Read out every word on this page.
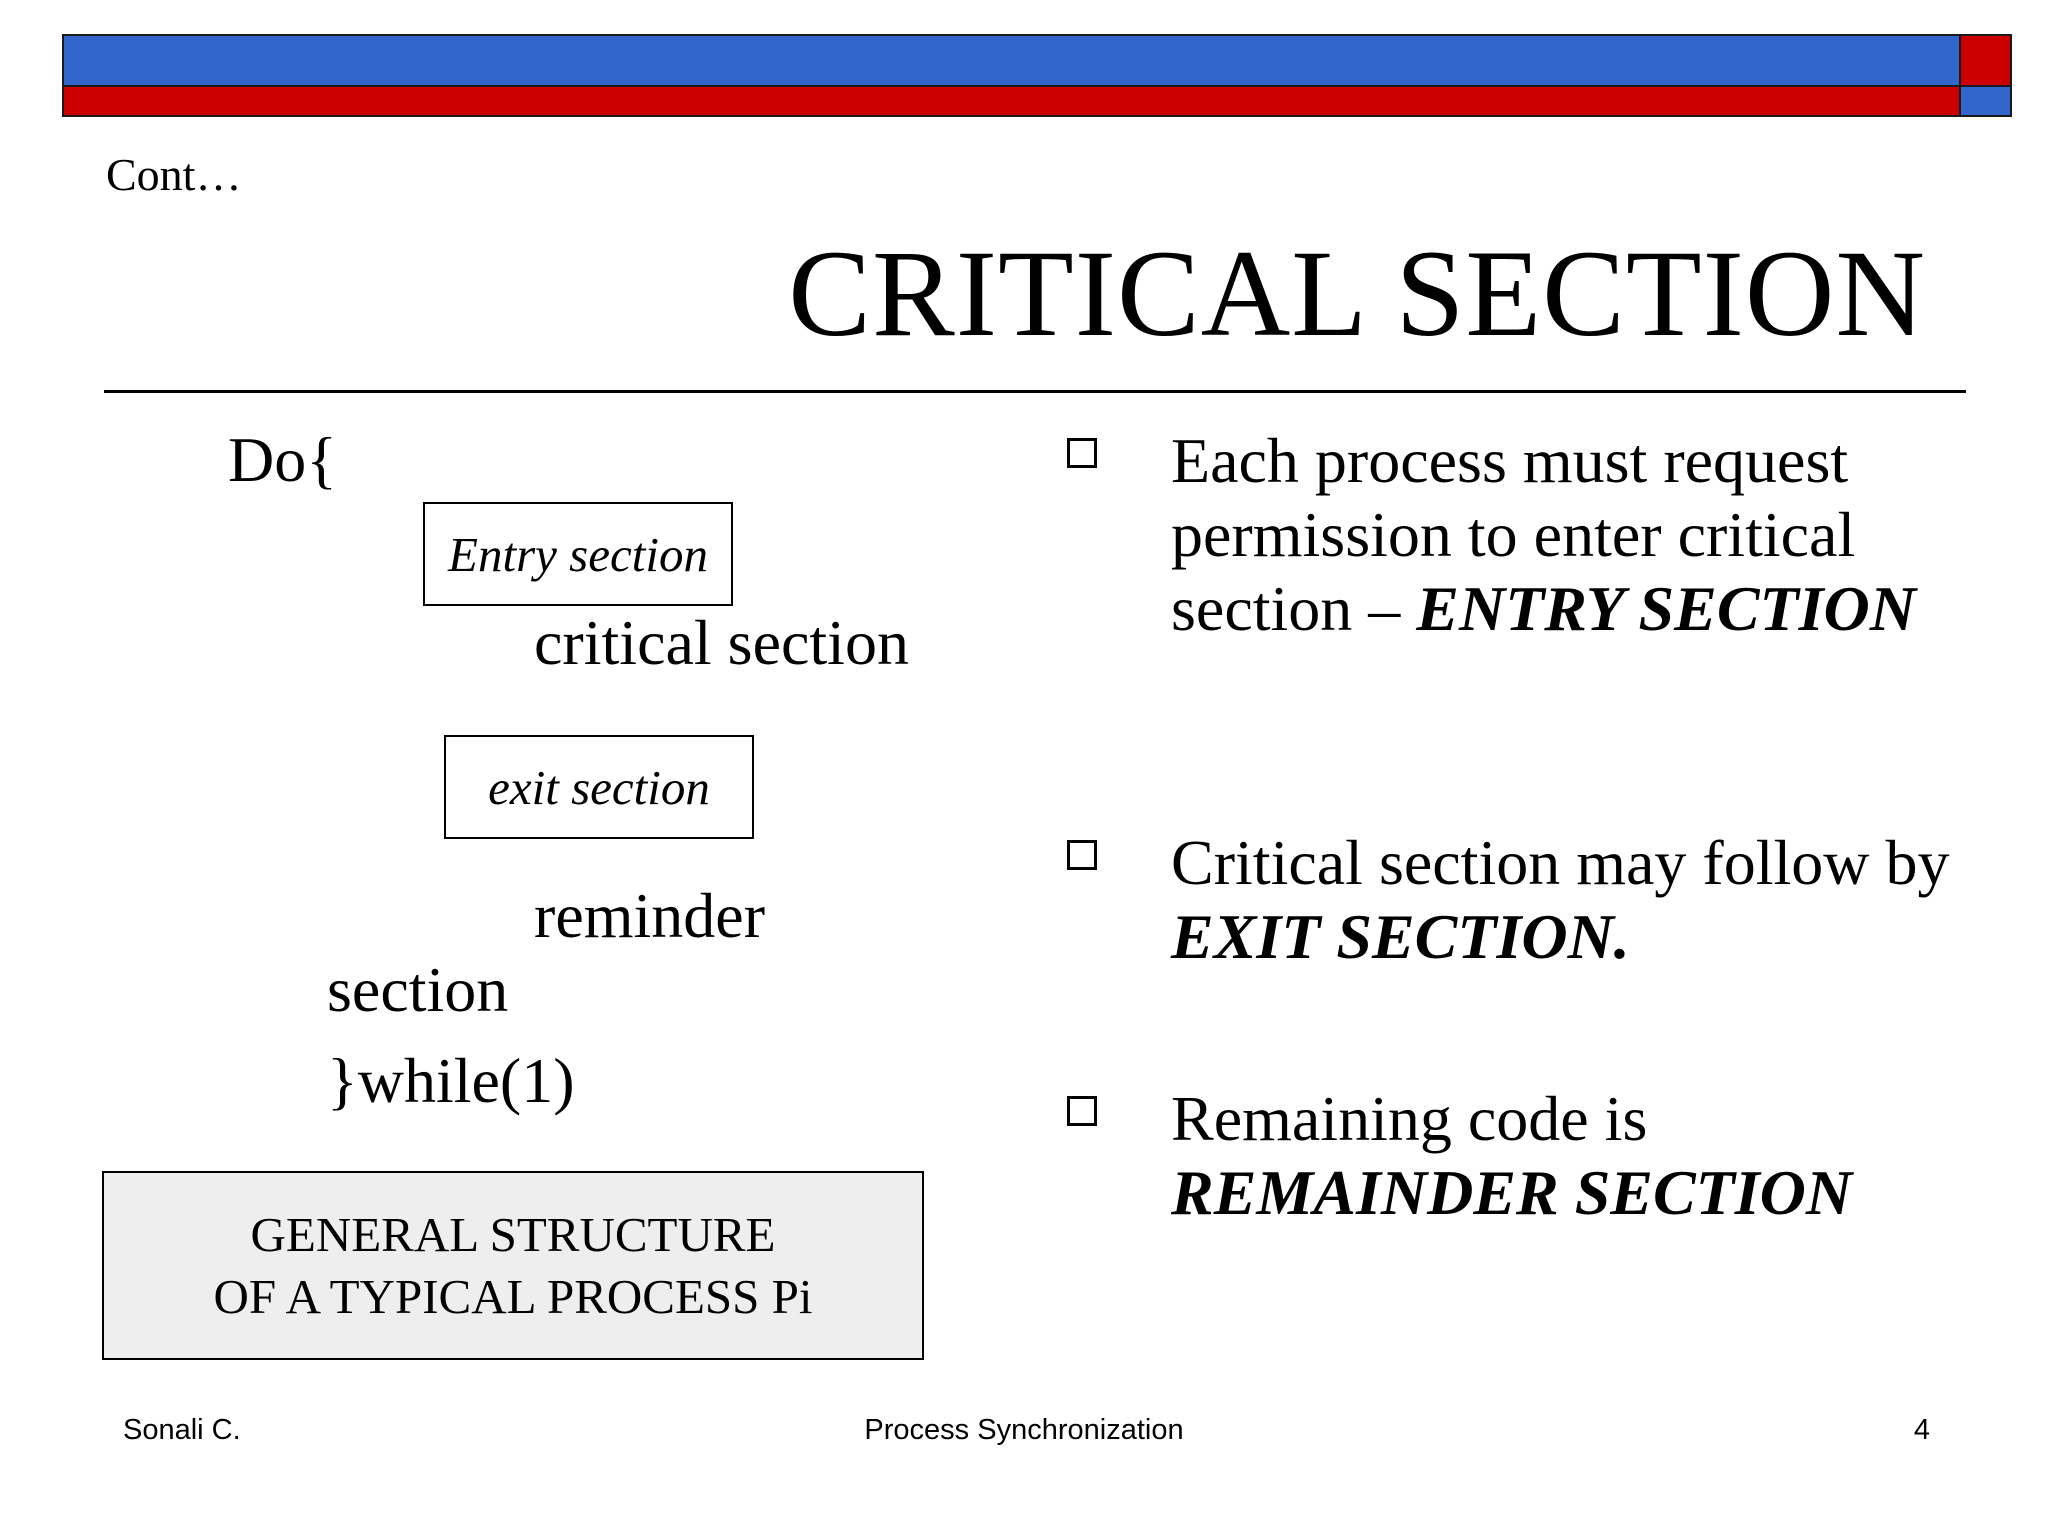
Cont…
CRITICAL SECTION
Do{
Entry section
critical section
exit section
reminder
section
}while(1)
GENERAL STRUCTURE
OF A TYPICAL PROCESS Pi
Each process must request permission to enter critical section – ENTRY SECTION
Critical section may follow by EXIT SECTION.
Remaining code is REMAINDER SECTION
Sonali C.	Process Synchronization	4
